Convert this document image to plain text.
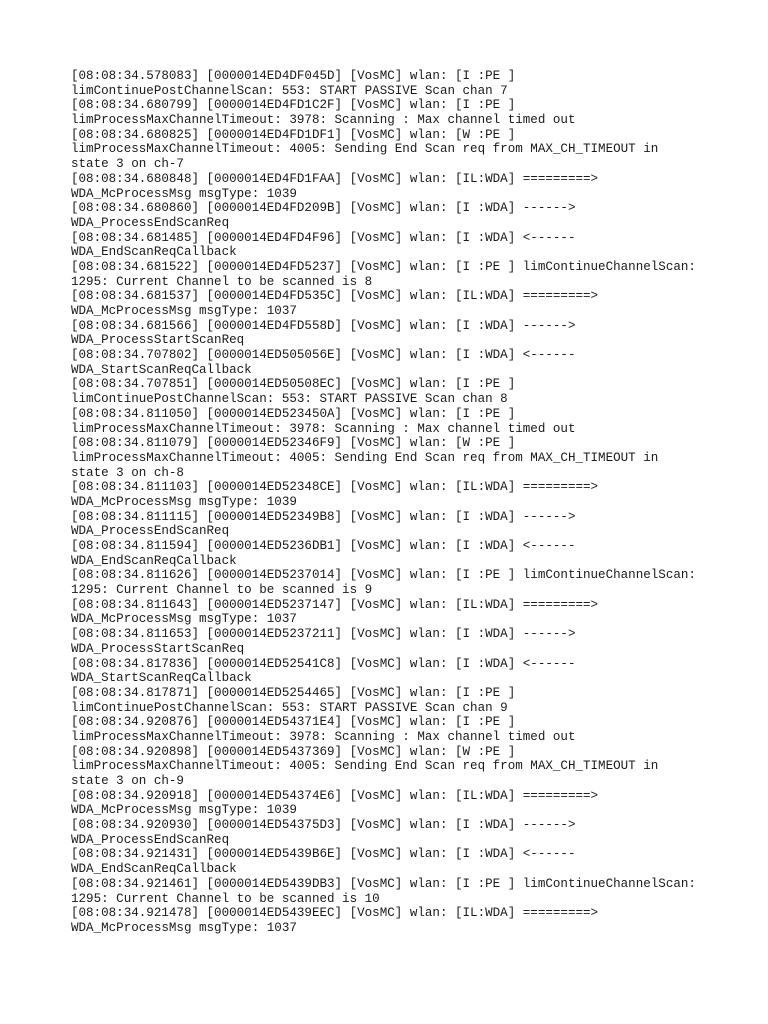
[08:08:34.578083] [0000014ED4DF045D] [VosMC] wlan: [I :PE ]
limContinuePostChannelScan: 553: START PASSIVE Scan chan 7
[08:08:34.680799] [0000014ED4FD1C2F] [VosMC] wlan: [I :PE ]
limProcessMaxChannelTimeout: 3978: Scanning : Max channel timed out
[08:08:34.680825] [0000014ED4FD1DF1] [VosMC] wlan: [W :PE ]
limProcessMaxChannelTimeout: 4005: Sending End Scan req from MAX_CH_TIMEOUT in
state 3 on ch-7
[08:08:34.680848] [0000014ED4FD1FAA] [VosMC] wlan: [IL:WDA] =========>
WDA_McProcessMsg msgType: 1039
[08:08:34.680860] [0000014ED4FD209B] [VosMC] wlan: [I :WDA] ------>
WDA_ProcessEndScanReq
[08:08:34.681485] [0000014ED4FD4F96] [VosMC] wlan: [I :WDA] <------
WDA_EndScanReqCallback
[08:08:34.681522] [0000014ED4FD5237] [VosMC] wlan: [I :PE ] limContinueChannelScan:
1295: Current Channel to be scanned is 8
[08:08:34.681537] [0000014ED4FD535C] [VosMC] wlan: [IL:WDA] =========>
WDA_McProcessMsg msgType: 1037
[08:08:34.681566] [0000014ED4FD558D] [VosMC] wlan: [I :WDA] ------>
WDA_ProcessStartScanReq
[08:08:34.707802] [0000014ED505056E] [VosMC] wlan: [I :WDA] <------
WDA_StartScanReqCallback
[08:08:34.707851] [0000014ED50508EC] [VosMC] wlan: [I :PE ]
limContinuePostChannelScan: 553: START PASSIVE Scan chan 8
[08:08:34.811050] [0000014ED523450A] [VosMC] wlan: [I :PE ]
limProcessMaxChannelTimeout: 3978: Scanning : Max channel timed out
[08:08:34.811079] [0000014ED52346F9] [VosMC] wlan: [W :PE ]
limProcessMaxChannelTimeout: 4005: Sending End Scan req from MAX_CH_TIMEOUT in
state 3 on ch-8
[08:08:34.811103] [0000014ED52348CE] [VosMC] wlan: [IL:WDA] =========>
WDA_McProcessMsg msgType: 1039
[08:08:34.811115] [0000014ED52349B8] [VosMC] wlan: [I :WDA] ------>
WDA_ProcessEndScanReq
[08:08:34.811594] [0000014ED5236DB1] [VosMC] wlan: [I :WDA] <------
WDA_EndScanReqCallback
[08:08:34.811626] [0000014ED5237014] [VosMC] wlan: [I :PE ] limContinueChannelScan:
1295: Current Channel to be scanned is 9
[08:08:34.811643] [0000014ED5237147] [VosMC] wlan: [IL:WDA] =========>
WDA_McProcessMsg msgType: 1037
[08:08:34.811653] [0000014ED5237211] [VosMC] wlan: [I :WDA] ------>
WDA_ProcessStartScanReq
[08:08:34.817836] [0000014ED52541C8] [VosMC] wlan: [I :WDA] <------
WDA_StartScanReqCallback
[08:08:34.817871] [0000014ED5254465] [VosMC] wlan: [I :PE ]
limContinuePostChannelScan: 553: START PASSIVE Scan chan 9
[08:08:34.920876] [0000014ED54371E4] [VosMC] wlan: [I :PE ]
limProcessMaxChannelTimeout: 3978: Scanning : Max channel timed out
[08:08:34.920898] [0000014ED5437369] [VosMC] wlan: [W :PE ]
limProcessMaxChannelTimeout: 4005: Sending End Scan req from MAX_CH_TIMEOUT in
state 3 on ch-9
[08:08:34.920918] [0000014ED54374E6] [VosMC] wlan: [IL:WDA] =========>
WDA_McProcessMsg msgType: 1039
[08:08:34.920930] [0000014ED54375D3] [VosMC] wlan: [I :WDA] ------>
WDA_ProcessEndScanReq
[08:08:34.921431] [0000014ED5439B6E] [VosMC] wlan: [I :WDA] <------
WDA_EndScanReqCallback
[08:08:34.921461] [0000014ED5439DB3] [VosMC] wlan: [I :PE ] limContinueChannelScan:
1295: Current Channel to be scanned is 10
[08:08:34.921478] [0000014ED5439EEC] [VosMC] wlan: [IL:WDA] =========>
WDA_McProcessMsg msgType: 1037
